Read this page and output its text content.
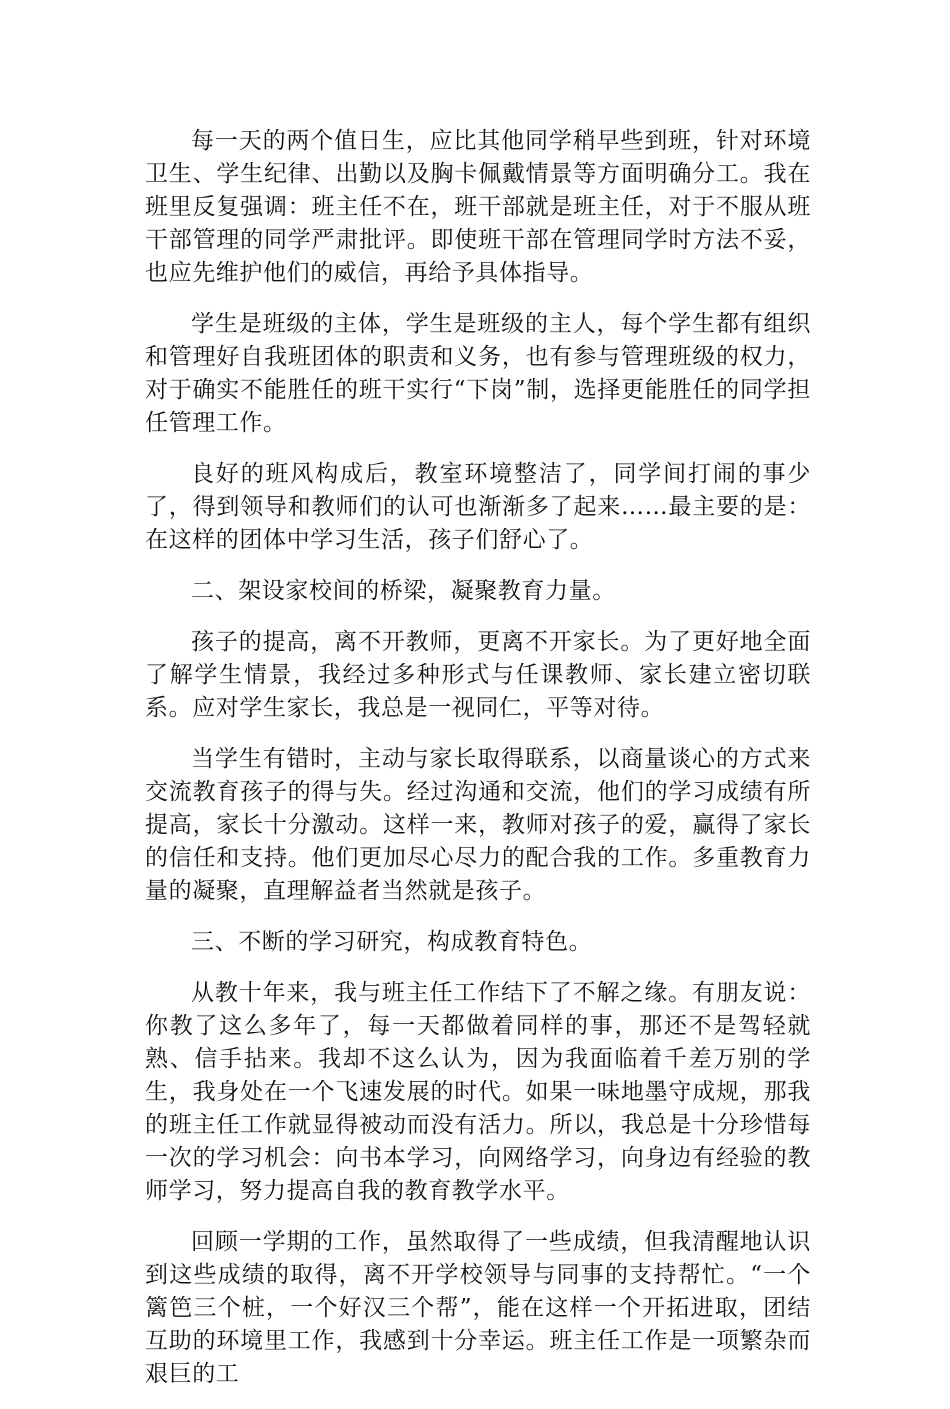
每一天的两个值日生，应比其他同学稍早些到班，针对环境卫生、学生纪律、出勤以及胸卡佩戴情景等方面明确分工。我在班里反复强调：班主任不在，班干部就是班主任，对于不服从班干部管理的同学严肃批评。即使班干部在管理同学时方法不妥，也应先维护他们的威信，再给予具体指导。

学生是班级的主体，学生是班级的主人，每个学生都有组织和管理好自我班团体的职责和义务，也有参与管理班级的权力，对于确实不能胜任的班干实行“下岗”制，选择更能胜任的同学担任管理工作。

良好的班风构成后，教室环境整洁了，同学间打闹的事少了，得到领导和教师们的认可也渐渐多了起来……最主要的是：在这样的团体中学习生活，孩子们舒心了。

二、架设家校间的桥梁，凝聚教育力量。

孩子的提高，离不开教师，更离不开家长。为了更好地全面了解学生情景，我经过多种形式与任课教师、家长建立密切联系。应对学生家长，我总是一视同仁，平等对待。

当学生有错时，主动与家长取得联系，以商量谈心的方式来交流教育孩子的得与失。经过沟通和交流，他们的学习成绩有所提高，家长十分激动。这样一来，教师对孩子的爱，赢得了家长的信任和支持。他们更加尽心尽力的配合我的工作。多重教育力量的凝聚，直理解益者当然就是孩子。

三、不断的学习研究，构成教育特色。

从教十年来，我与班主任工作结下了不解之缘。有朋友说：你教了这么多年了，每一天都做着同样的事，那还不是驾轻就熟、信手拈来。我却不这么认为，因为我面临着千差万别的学生，我身处在一个飞速发展的时代。如果一味地墨守成规，那我的班主任工作就显得被动而没有活力。所以，我总是十分珍惜每一次的学习机会：向书本学习，向网络学习，向身边有经验的教师学习，努力提高自我的教育教学水平。

回顾一学期的工作，虽然取得了一些成绩，但我清醒地认识到这些成绩的取得，离不开学校领导与同事的支持帮忙。“一个篱笆三个桩，一个好汉三个帮”，能在这样一个开拓进取，团结互助的环境里工作，我感到十分幸运。班主任工作是一项繁杂而艰巨的工
